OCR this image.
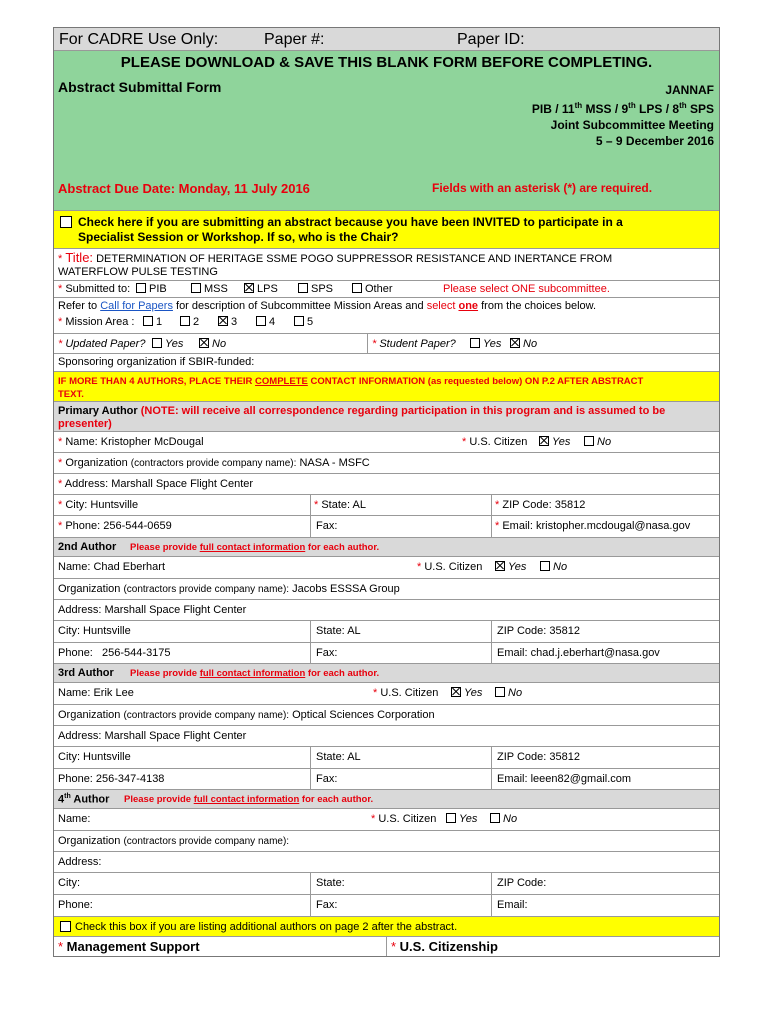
For CADRE Use Only:	Paper #:	Paper ID:
PLEASE DOWNLOAD & SAVE THIS BLANK FORM BEFORE COMPLETING.
Abstract Submittal Form	JANNAF
PIB / 11th MSS / 9th LPS / 8th SPS
Joint Subcommittee Meeting
5 – 9 December 2016
Abstract Due Date: Monday, 11 July 2016	Fields with an asterisk (*) are required.
Check here if you are submitting an abstract because you have been INVITED to participate in a
Specialist Session or Workshop. If so, who is the Chair?
* Title: DETERMINATION OF HERITAGE SSME POGO SUPPRESSOR RESISTANCE AND INERTANCE FROM
WATERFLOW PULSE TESTING
* Submitted to:	PIB	MSS	LPS	SPS	Other	Please select ONE subcommittee.
Refer to Call for Papers for description of Subcommittee Mission Areas and select one from the choices below.
* Mission Area :	1	2	3	4	5
* Updated Paper?	Yes	No	* Student Paper?	Yes	No
Sponsoring organization if SBIR-funded:
IF MORE THAN 4 AUTHORS, PLACE THEIR COMPLETE CONTACT INFORMATION (as requested below) ON P.2 AFTER ABSTRACT
TEXT.
Primary Author (NOTE: will receive all correspondence regarding participation in this program and is assumed to be
presenter)
* Name: Kristopher McDougal	* U.S. Citizen	Yes	No
* Organization (contractors provide company name): NASA - MSFC
* Address: Marshall Space Flight Center
* City: Huntsville	* State: AL	* ZIP Code: 35812
* Phone: 256-544-0659	Fax:	* Email: kristopher.mcdougal@nasa.gov
2nd Author Please provide full contact information for each author.
Name: Chad Eberhart	* U.S. Citizen	Yes	No
Organization (contractors provide company name): Jacobs ESSSA Group
Address: Marshall Space Flight Center
City: Huntsville	State: AL	ZIP Code: 35812
Phone:   256-544-3175	Fax:	Email: chad.j.eberhart@nasa.gov
3rd Author Please provide full contact information for each author.
Name: Erik Lee	* U.S. Citizen	Yes	No
Organization (contractors provide company name): Optical Sciences Corporation
Address: Marshall Space Flight Center
City: Huntsville	State: AL	ZIP Code: 35812
Phone: 256-347-4138	Fax:	Email: leeen82@gmail.com
4th Author Please provide full contact information for each author.
Name:	* U.S. Citizen	Yes	No
Organization (contractors provide company name):
Address:
City:	State:	ZIP Code:
Phone:	Fax:	Email:
Check this box if you are listing additional authors on page 2 after the abstract.
* Management Support	* U.S. Citizenship
